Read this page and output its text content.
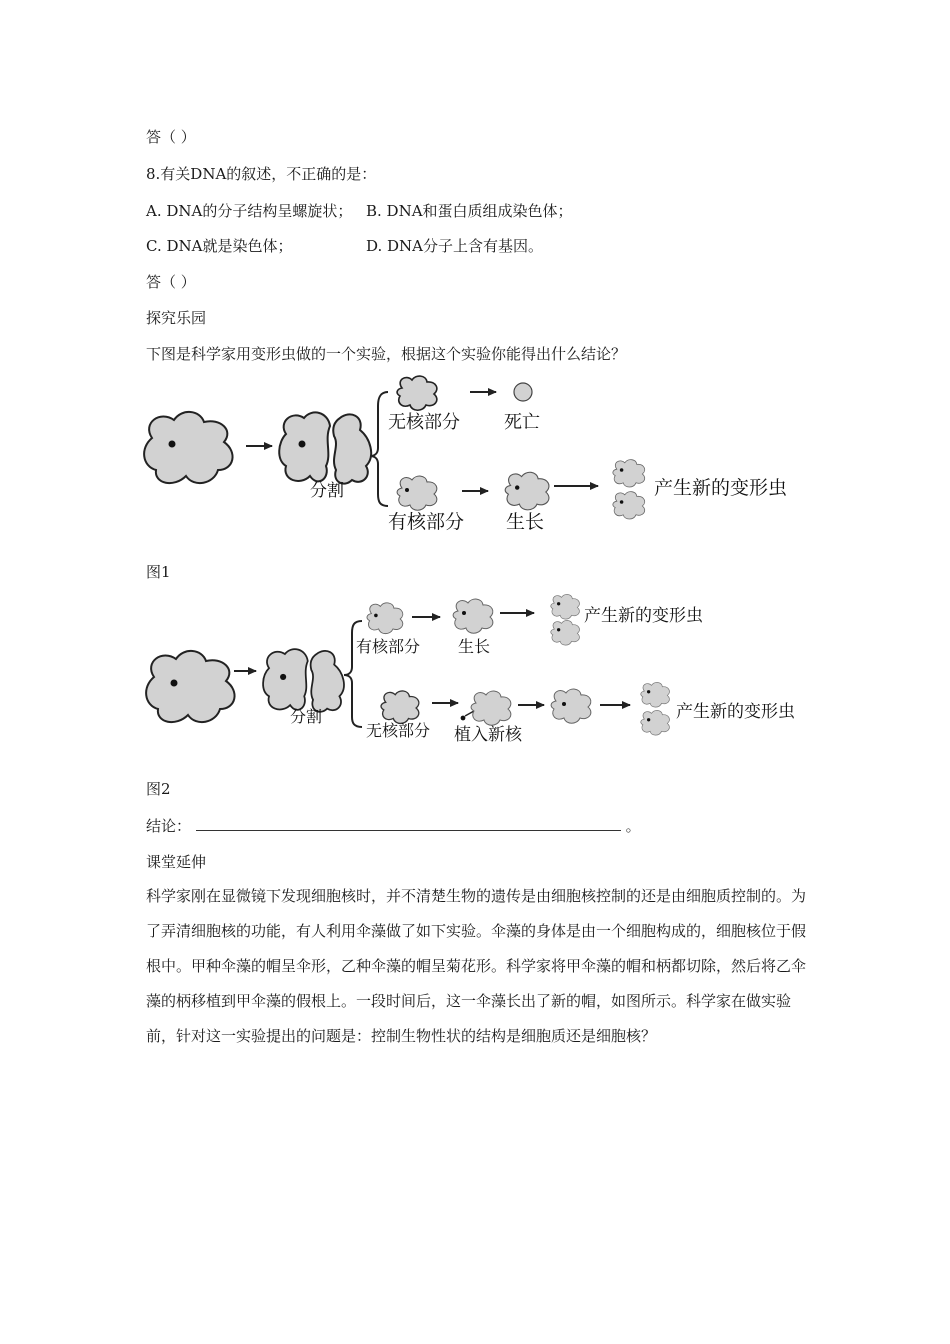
答（ ）
8.有关DNA的叙述，不正确的是：
A. DNA的分子结构呈螺旋状； B. DNA和蛋白质组成染色体；
C. DNA就是染色体；	D. DNA分子上含有基因。
答（ ）
探究乐园
下图是科学家用变形虫做的一个实验，根据这个实验你能得出什么结论？
分割
无核部分 死亡
产生新的变形虫
有核部分 生长
图1
分割
产生新的变形虫
有核部分 生长
产生新的变形虫
无核部分 植入新核
图2
结论：	。
课堂延伸
科学家刚在显微镜下发现细胞核时，并不清楚生物的遗传是由细胞核控制的还是由细胞质控制的。为了弄清细胞核的功能，有人利用伞藻做了如下实验。伞藻的身体是由一个细胞构成的，细胞核位于假根中。甲种伞藻的帽呈伞形，乙种伞藻的帽呈菊花形。科学家将甲伞藻的帽和柄都切除，然后将乙伞藻的柄移植到甲伞藻的假根上。一段时间后，这一伞藻长出了新的帽，如图所示。科学家在做实验前，针对这一实验提出的问题是：控制生物性状的结构是细胞质还是细胞核？
